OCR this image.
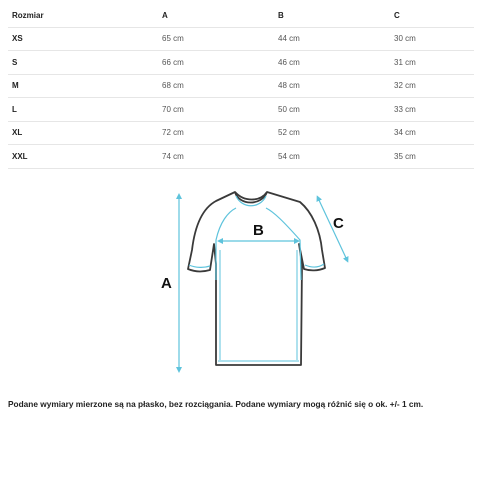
Rozmiar	A	B	C
XS	65 cm	44 cm	30 cm
S	66 cm	46 cm	31 cm
M	68 cm	48 cm	32 cm
L	70 cm	50 cm	33 cm
XL	72 cm	52 cm	34 cm
XXL	74 cm	54 cm	35 cm
A
B	C
Podane wymiary mierzone są na płasko, bez rozciągania. Podane wymiary mogą różnić się o ok. +/- 1 cm.
